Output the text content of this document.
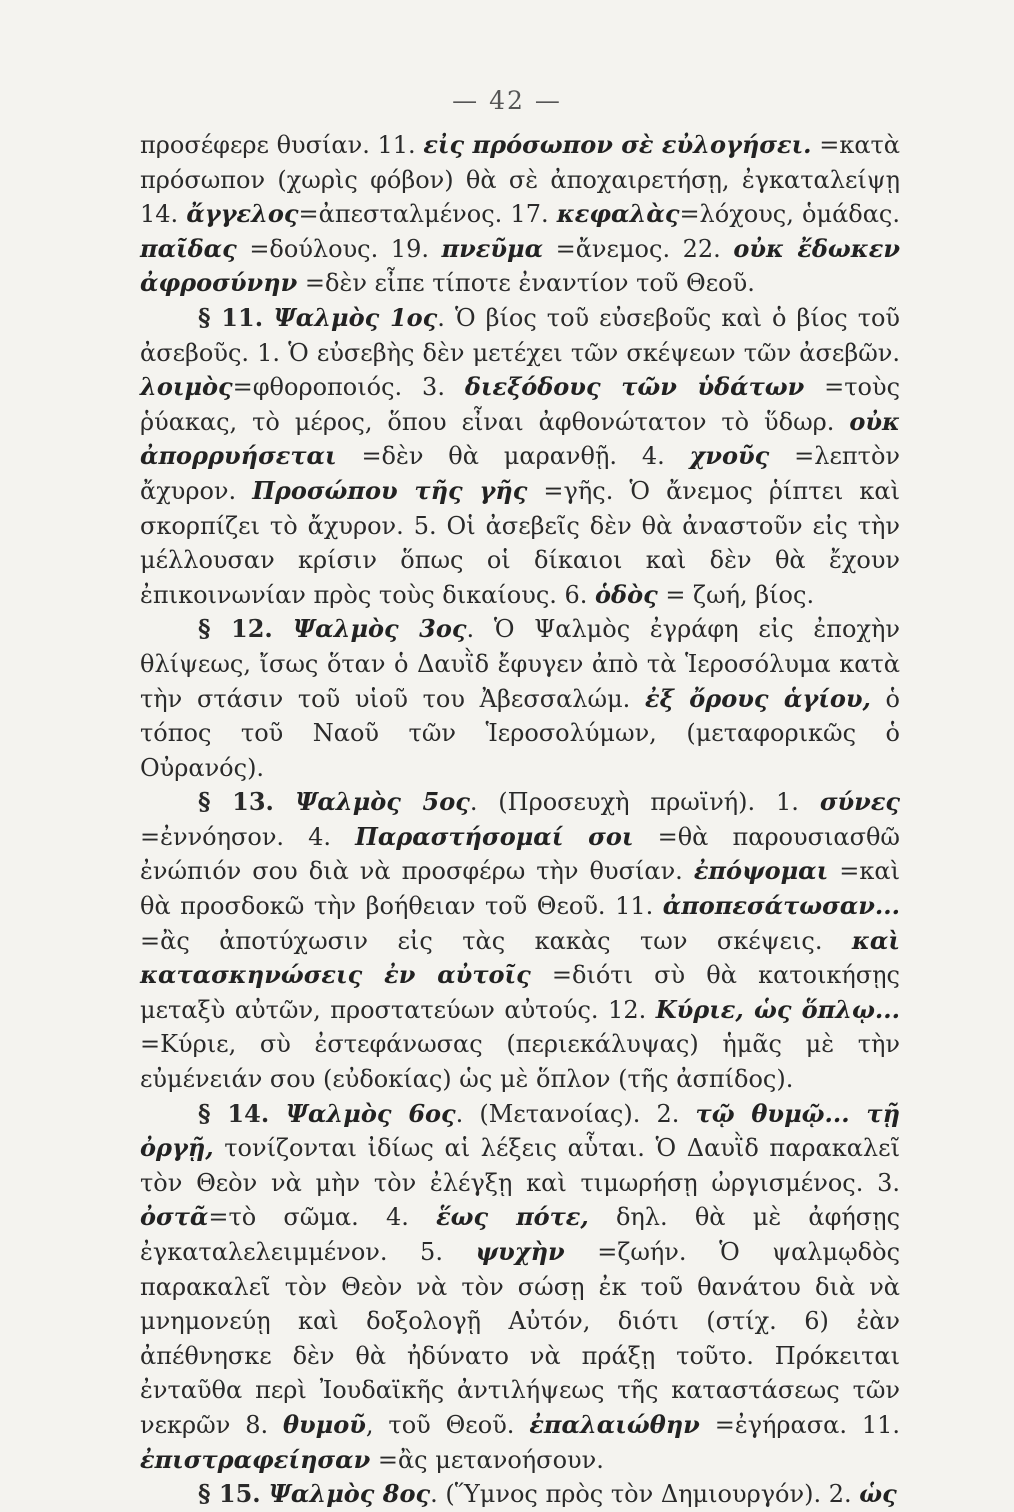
— 42 —

προσέφερε θυσίαν. 11. εἰς πρόσωπον σὲ εὐλογήσει. =κατὰ πρόσωπον (χωρὶς φόβον) θὰ σὲ ἀποχαιρετήσῃ, ἐγκαταλείψῃ 14. ἄγγελος=ἀπεσταλμένος. 17. κεφαλὰς=λόχους, ὁμάδας. παῖδας =δούλους. 19. πνεῦμα =ἄνεμος. 22. οὐκ ἔδωκεν ἀφροσύνην =δὲν εἶπε τίποτε ἐναντίον τοῦ Θεοῦ.

§ 11. Ψαλμὸς 1ος. Ὁ βίος τοῦ εὐσεβοῦς καὶ ὁ βίος τοῦ ἀσεβοῦς. 1. Ὁ εὐσεβὴς δὲν μετέχει τῶν σκέψεων τῶν ἀσεβῶν. λοιμὸς=φθοροποιός. 3. διεξόδους τῶν ὑδάτων =τοὺς ῥύακας, τὸ μέρος, ὅπου εἶναι ἀφθονώτατον τὸ ὕδωρ. οὐκ ἀπορρυήσεται =δὲν θὰ μαρανθῇ. 4. χνοῦς =λεπτὸν ἄχυρον. Προσώπου τῆς γῆς =γῆς. Ὁ ἄνεμος ῥίπτει καὶ σκορπίζει τὸ ἄχυρον. 5. Οἱ ἀσεβεῖς δὲν θὰ ἀναστοῦν εἰς τὴν μέλλουσαν κρίσιν ὅπως οἱ δίκαιοι καὶ δὲν θὰ ἔχουν ἐπικοινωνίαν πρὸς τοὺς δικαίους. 6. ὁδὸς = ζωή, βίος.

§ 12. Ψαλμὸς 3ος. Ὁ Ψαλμὸς ἐγράφη εἰς ἐποχὴν θλίψεως, ἴσως ὅταν ὁ Δαυῒδ ἔφυγεν ἀπὸ τὰ Ἱεροσόλυμα κατὰ τὴν στάσιν τοῦ υἱοῦ του Ἀβεσσαλώμ. ἐξ ὄρους ἁγίου, ὁ τόπος τοῦ Ναοῦ τῶν Ἱεροσολύμων, (μεταφορικῶς ὁ Οὐρανός).

§ 13. Ψαλμὸς 5ος. (Προσευχὴ πρωϊνή). 1. σύνες =ἐννόησον. 4. Παραστήσομαί σοι =θὰ παρουσιασθῶ ἐνώπιόν σου διὰ νὰ προσφέρω τὴν θυσίαν. ἐπόψομαι =καὶ θὰ προσδοκῶ τὴν βοήθειαν τοῦ Θεοῦ. 11. ἀποπεσάτωσαν... =ἂς ἀποτύχωσιν εἰς τὰς κακὰς των σκέψεις. καὶ κατασκηνώσεις ἐν αὐτοῖς =διότι σὺ θὰ κατοικήσῃς μεταξὺ αὐτῶν, προστατεύων αὐτούς. 12. Κύριε, ὡς ὅπλῳ... =Κύριε, σὺ ἐστεφάνωσας (περιεκάλυψας) ἡμᾶς μὲ τὴν εὐμένειάν σου (εὐδοκίας) ὡς μὲ ὅπλον (τῆς ἀσπίδος).

§ 14. Ψαλμὸς 6ος. (Μετανοίας). 2. τῷ θυμῷ... τῇ ὀργῇ, τονίζονται ἰδίως αἱ λέξεις αὗται. Ὁ Δαυῒδ παρακαλεῖ τὸν Θεὸν νὰ μὴν τὸν ἐλέγξῃ καὶ τιμωρήσῃ ὠργισμένος. 3. ὀστᾶ=τὸ σῶμα. 4. ἕως πότε, δηλ. θὰ μὲ ἀφήσῃς ἐγκαταλελειμμένον. 5. ψυχὴν =ζωήν. Ὁ ψαλμῳδὸς παρακαλεῖ τὸν Θεὸν νὰ τὸν σώσῃ ἐκ τοῦ θανάτου διὰ νὰ μνημονεύῃ καὶ δοξολογῇ Αὐτόν, διότι (στίχ. 6) ἐὰν ἀπέθνησκε δὲν θὰ ἠδύνατο νὰ πράξῃ τοῦτο. Πρόκειται ἐνταῦθα περὶ Ἰουδαϊκῆς ἀντιλήψεως τῆς καταστάσεως τῶν νεκρῶν 8. θυμοῦ, τοῦ Θεοῦ. ἐπαλαιώθην =ἐγήρασα. 11. ἐπιστραφείησαν =ἂς μετανοήσουν.

§ 15. Ψαλμὸς 8ος. (Ὕμνος πρὸς τὸν Δημιουργόν). 2. ὡς
